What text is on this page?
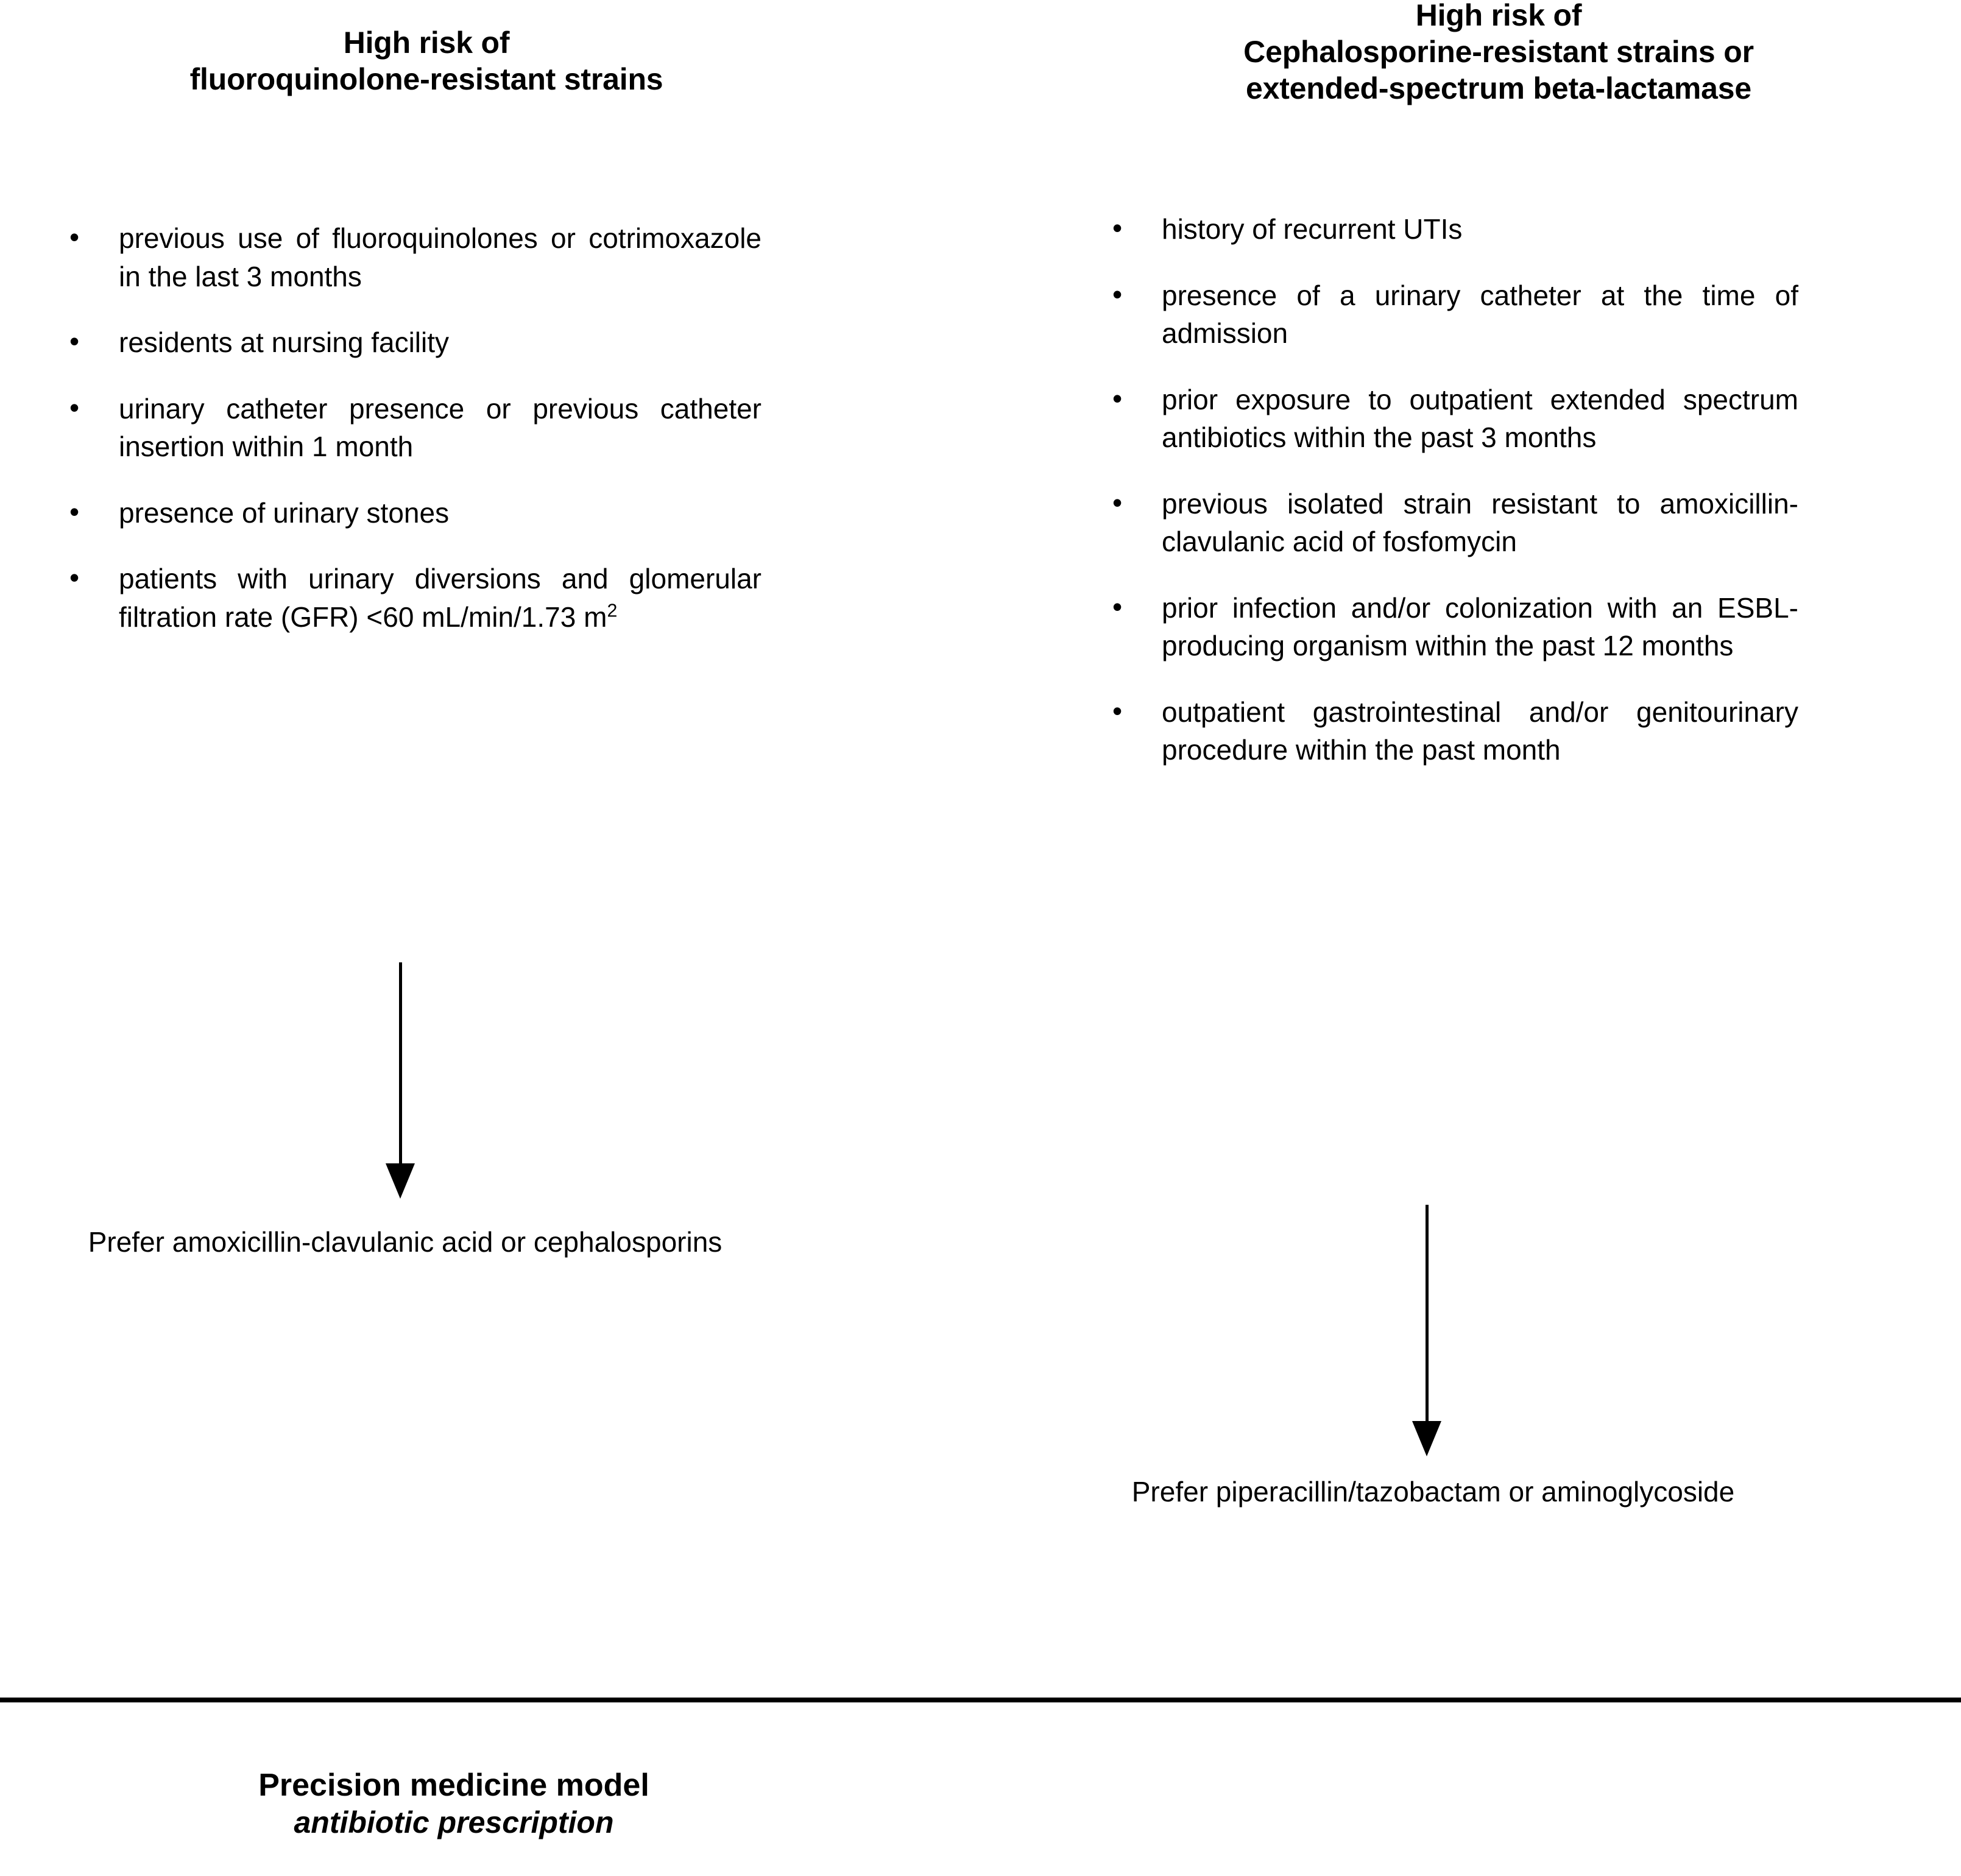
High risk of
fluoroquinolone-resistant strains
• previous use of fluoroquinolones or cotrimoxazole in the last 3 months
• residents at nursing facility
• urinary catheter presence or previous catheter insertion within 1 month
• presence of urinary stones
• patients with urinary diversions and glomerular filtration rate (GFR) <60 mL/min/1.73 $m^2$
Prefer amoxicillin-clavulanic acid or cephalosporins
High risk of
Cephalosporine-resistant strains or
extended-spectrum beta-lactamase
• history of recurrent UTIs
• presence of a urinary catheter at the time of admission
• prior exposure to outpatient extended spectrum antibiotics within the past 3 months
• previous isolated strain resistant to amoxicillin-clavulanic acid of fosfomycin
• prior infection and/or colonization with an ESBL-producing organism within the past 12 months
• outpatient gastrointestinal and/or genitourinary procedure within the past month
Prefer piperacillin/tazobactam or aminoglycoside
Precision medicine model
antibiotic prescription
